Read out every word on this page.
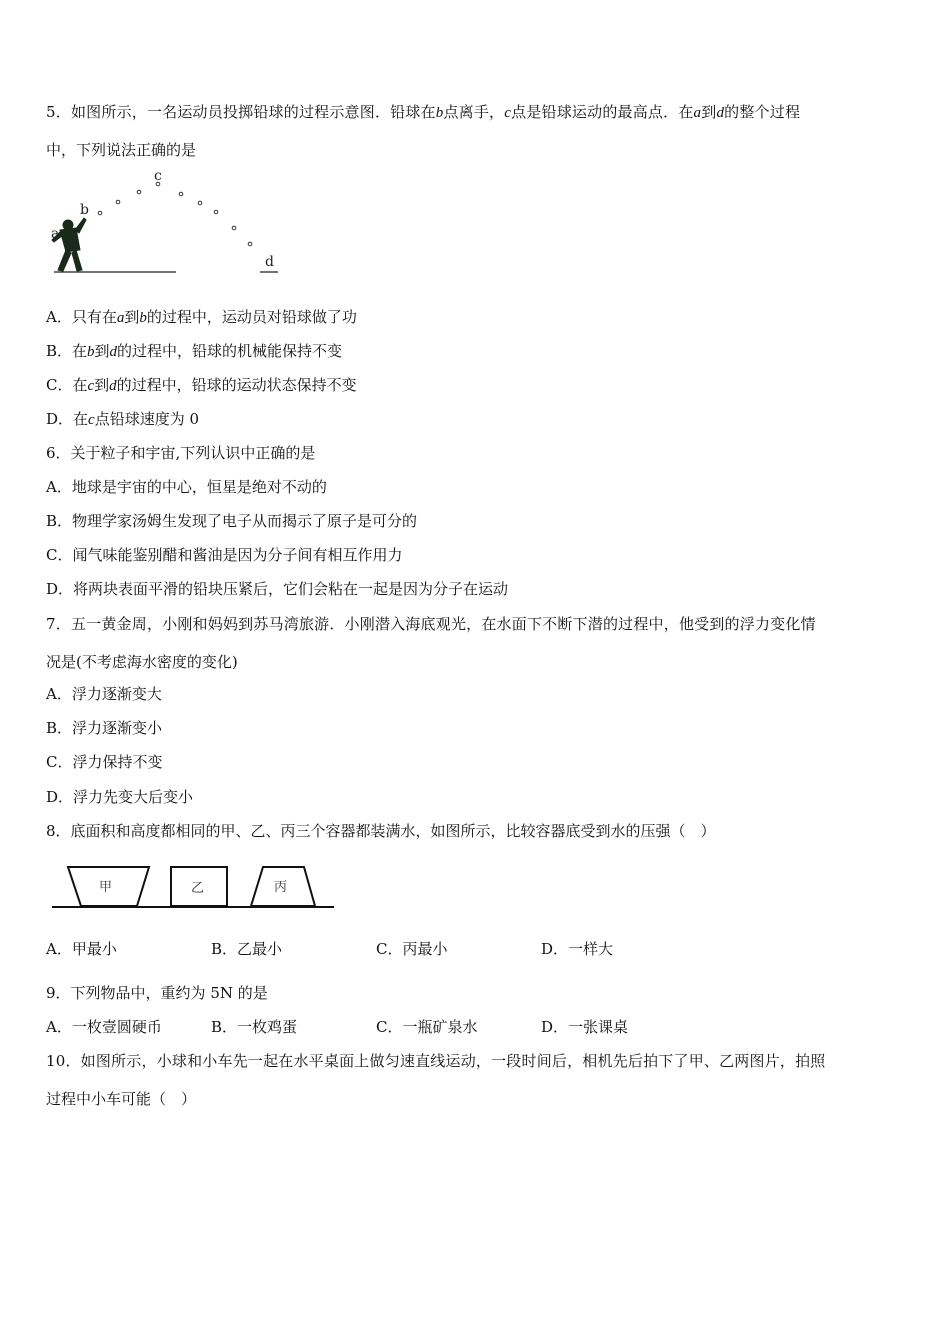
5．如图所示，一名运动员投掷铅球的过程示意图．铅球在b点离手，c点是铅球运动的最高点．在a到d的整个过程
中，下列说法正确的是
a
b
c
d
A．只有在a到b的过程中，运动员对铅球做了功
B．在b到d的过程中，铅球的机械能保持不变
C．在c到d的过程中，铅球的运动状态保持不变
D．在c点铅球速度为 0
6．关于粒子和宇宙,下列认识中正确的是
A．地球是宇宙的中心，恒星是绝对不动的
B．物理学家汤姆生发现了电子从而揭示了原子是可分的
C．闻气味能鉴别醋和酱油是因为分子间有相互作用力
D．将两块表面平滑的铅块压紧后，它们会粘在一起是因为分子在运动
7．五一黄金周，小刚和妈妈到苏马湾旅游．小刚潜入海底观光，在水面下不断下潜的过程中，他受到的浮力变化情
况是(不考虑海水密度的变化)
A．浮力逐渐变大
B．浮力逐渐变小
C．浮力保持不变
D．浮力先变大后变小
8．底面积和高度都相同的甲、乙、丙三个容器都装满水，如图所示，比较容器底受到水的压强（　）
甲	乙	丙
A．甲最小	B．乙最小	C．丙最小	D．一样大
9．下列物品中，重约为 5N 的是
A．一枚壹圆硬币	B．一枚鸡蛋	C．一瓶矿泉水	D．一张课桌
10．如图所示，小球和小车先一起在水平桌面上做匀速直线运动，一段时间后，相机先后拍下了甲、乙两图片，拍照
过程中小车可能（　）
